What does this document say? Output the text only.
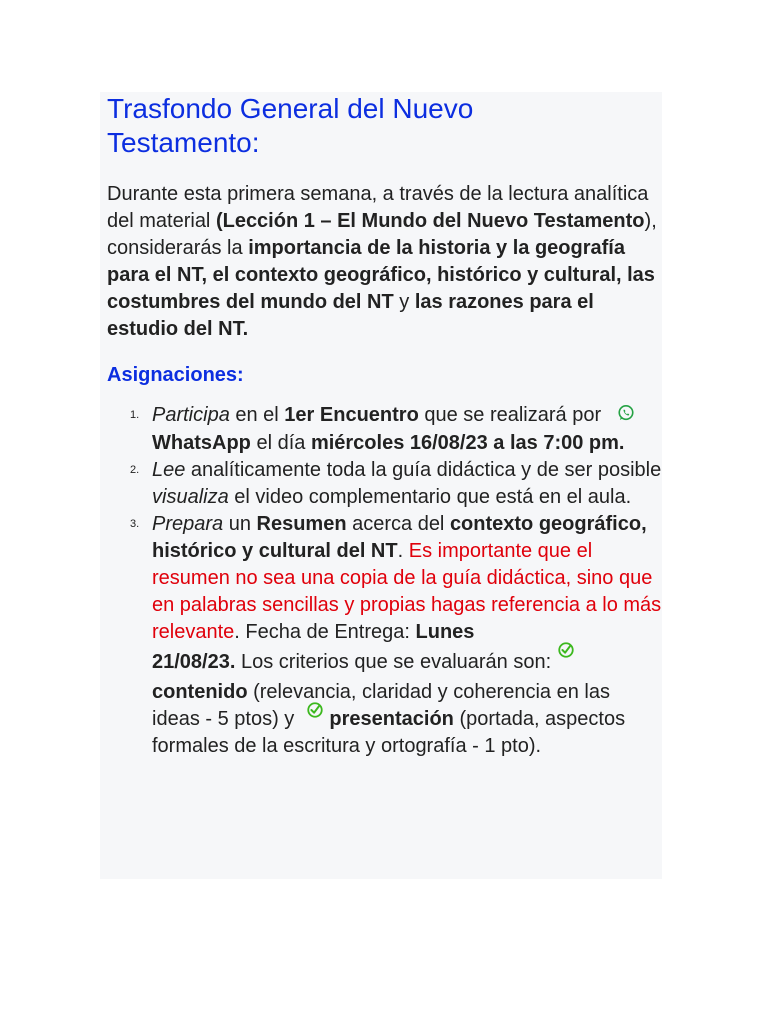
Trasfondo General del Nuevo Testamento:

Durante esta primera semana, a través de la lectura analítica del material (Lección 1 – El Mundo del Nuevo Testamento), considerarás la importancia de la historia y la geografía para el NT, el contexto geográfico, histórico y cultural, las costumbres del mundo del NT y las razones para el estudio del NT.

Asignaciones:
1. Participa en el 1er Encuentro que se realizará por WhatsApp el día miércoles 16/08/23 a las 7:00 pm.
2. Lee analíticamente toda la guía didáctica y de ser posible visualiza el video complementario que está en el aula.
3. Prepara un Resumen acerca del contexto geográfico, histórico y cultural del NT. Es importante que el resumen no sea una copia de la guía didáctica, sino que en palabras sencillas y propias hagas referencia a lo más relevante. Fecha de Entrega: Lunes
21/08/23. Los criterios que se evaluarán son:
contenido (relevancia, claridad y coherencia en las ideas - 5 ptos) y  presentación (portada, aspectos formales de la escritura y ortografía - 1 pto).
